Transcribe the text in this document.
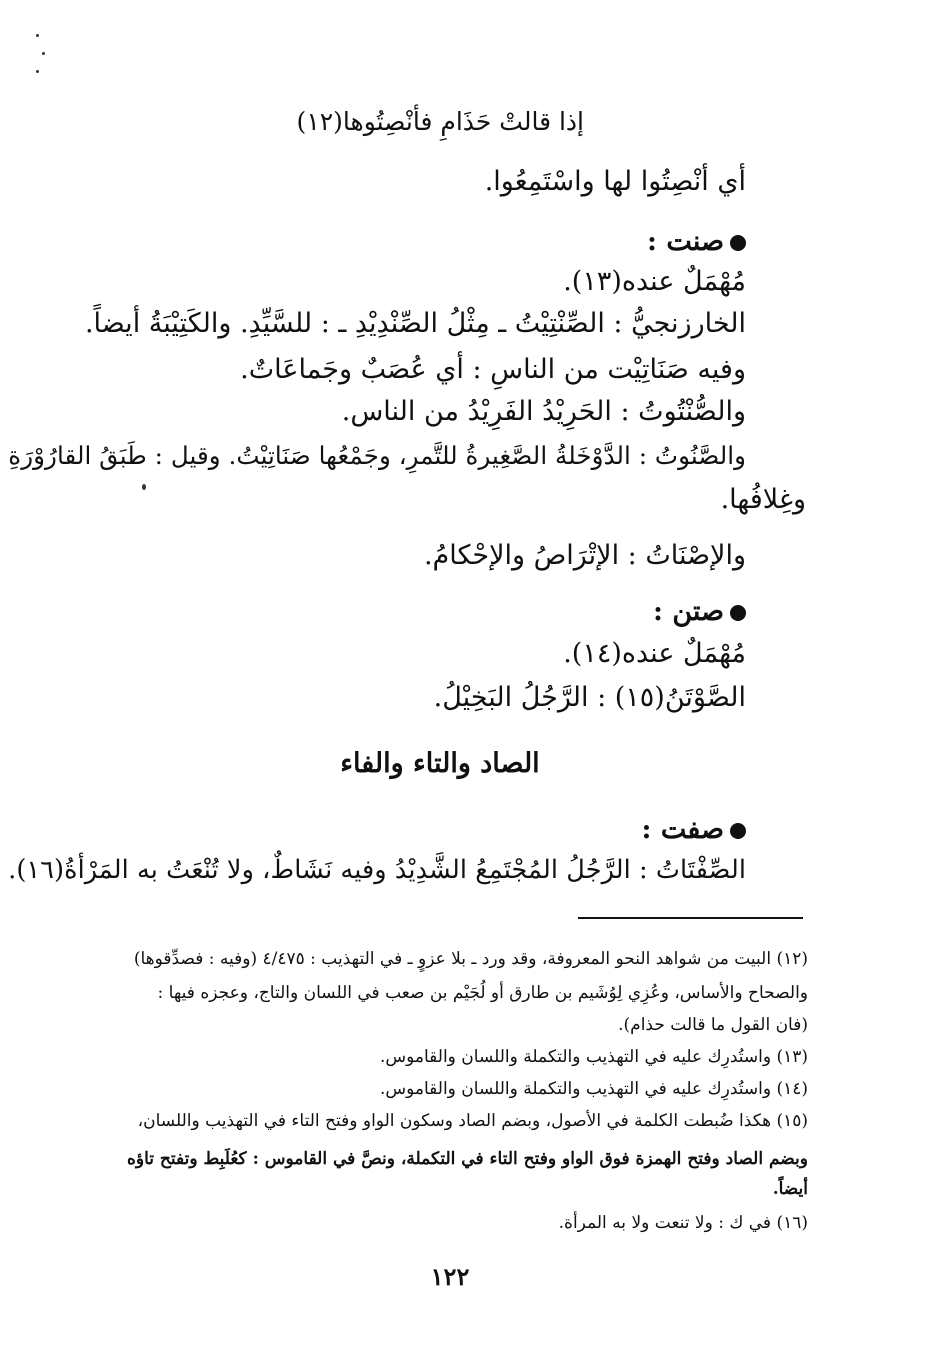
إذا قالتْ حَذَامِ فأنْصِتُوها(١٢)
أي أنْصِتُوا لها واسْتَمِعُوا.
صنت :
مُهْمَلٌ عنده(١٣).
الخارزنجيُّ : الصِّنْتِيْتُ ـ مِثْلُ الصِّنْدِيْدِ ـ : للسَّيِّدِ. والكَتِيْبَةُ أيضاً.
وفيه صَنَاتِيْت من الناسِ : أي عُصَبٌ وجَماعَاتٌ.
والصُّنْتُوتُ : الحَرِيْدُ الفَرِيْدُ من الناس.
والصَّنُوتُ : الدَّوْخَلةُ الصَّغِيرةُ للتَّمرِ، وجَمْعُها صَنَاتِيْتُ. وقيل : طَبَقُ القارُوْرَةِ
وغِلافُها.
والإصْنَاتُ : الإتْرَاصُ والإحْكامُ.
صتن :
مُهْمَلٌ عنده(١٤).
الصَّوْتَنُ(١٥) : الرَّجُلُ البَخِيْلُ.
الصاد والتاء والفاء
صفت :
الصِّفْتَاتُ : الرَّجُلُ المُجْتَمِعُ الشَّدِيْدُ وفيه نَشَاطٌ، ولا تُنْعَتُ به المَرْأةُ(١٦).
(١٢) البيت من شواهد النحو المعروفة، وقد ورد ـ بلا عزوٍ ـ في التهذيب : ٤/٤٧٥ (وفيه : فصدِّقوها)
والصحاح والأساس، وعُزِي لِوُشَيم بن طارق أو لُجَيْم بن صعب في اللسان والتاج، وعجزه فيها :
(فان القول ما قالت حذام).
(١٣) واستُدرِك عليه في التهذيب والتكملة واللسان والقاموس.
(١٤) واستُدرِك عليه في التهذيب والتكملة واللسان والقاموس.
(١٥) هكذا ضُبطت الكلمة في الأصول، وبضم الصاد وسكون الواو وفتح التاء في التهذيب واللسان،
وبضم الصاد وفتح الهمزة فوق الواو وفتح التاء في التكملة، ونصَّ في القاموس : كعُلَبِط وتفتح تاؤه
أيضاً.
(١٦) في ك : ولا تنعت ولا به المرأة.
١٢٢
